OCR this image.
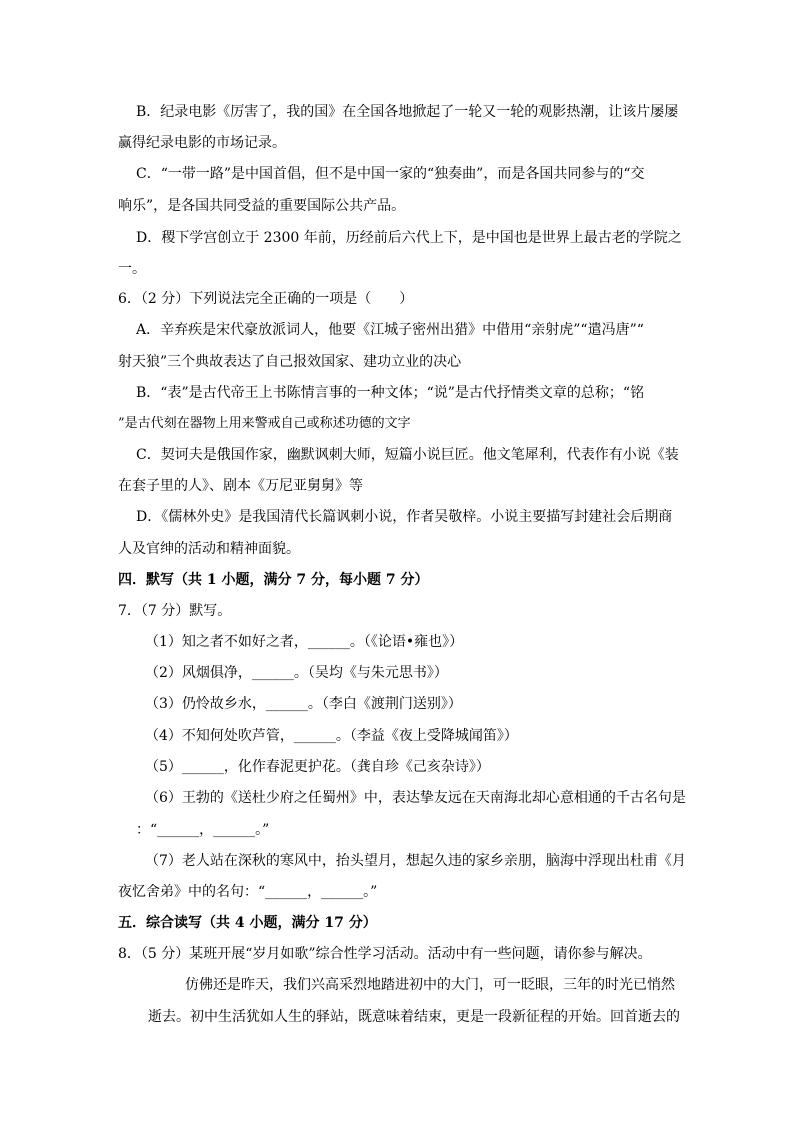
B．纪录电影《厉害了，我的国》在全国各地掀起了一轮又一轮的观影热潮，让该片屡屡
赢得纪录电影的市场记录。
C．“一带一路”是中国首倡，但不是中国一家的“独奏曲”，而是各国共同参与的“交
响乐”，是各国共同受益的重要国际公共产品。
D．稷下学宫创立于 2300 年前，历经前后六代上下，是中国也是世界上最古老的学院之
一。
6．（2 分）下列说法完全正确的一项是（　　）
A．辛弃疾是宋代豪放派词人，他要《江城子密州出猎》中借用“亲射虎”“遣冯唐”“
射天狼”三个典故表达了自己报效国家、建功立业的决心
B．“表”是古代帝王上书陈情言事的一种文体；“说”是古代抒情类文章的总称；“铭
”是古代刻在器物上用来警戒自己或称述功德的文字
C．契诃夫是俄国作家，幽默讽刺大师，短篇小说巨匠。他文笔犀利，代表作有小说《装
在套子里的人》、剧本《万尼亚舅舅》等
D．《儒林外史》是我国清代长篇讽刺小说，作者吴敬梓。小说主要描写封建社会后期商
人及官绅的活动和精神面貌。
四．默写（共 1 小题，满分 7 分，每小题 7 分）
7．（7 分）默写。
（1）知之者不如好之者，______。（《论语•雍也》）
（2）风烟俱净，______。（吴均《与朱元思书》）
（3）仍怜故乡水，______。（李白《渡荆门送别》）
（4）不知何处吹芦管，______。（李益《夜上受降城闻笛》）
（5）______，化作春泥更护花。（龚自珍《己亥杂诗》）
（6）王勃的《送杜少府之任蜀州》中，表达挚友远在天南海北却心意相通的千古名句是
：“______，______。”
（7）老人站在深秋的寒风中，抬头望月，想起久违的家乡亲朋，脑海中浮现出杜甫《月
夜忆舍弟》中的名句：“______，______。”
五．综合读写（共 4 小题，满分 17 分）
8．（5 分）某班开展“岁月如歌”综合性学习活动。活动中有一些问题，请你参与解决。
仿佛还是昨天，我们兴高采烈地踏进初中的大门，可一眨眼，三年的时光已悄然
逝去。初中生活犹如人生的驿站，既意味着结束，更是一段新征程的开始。回首逝去的
